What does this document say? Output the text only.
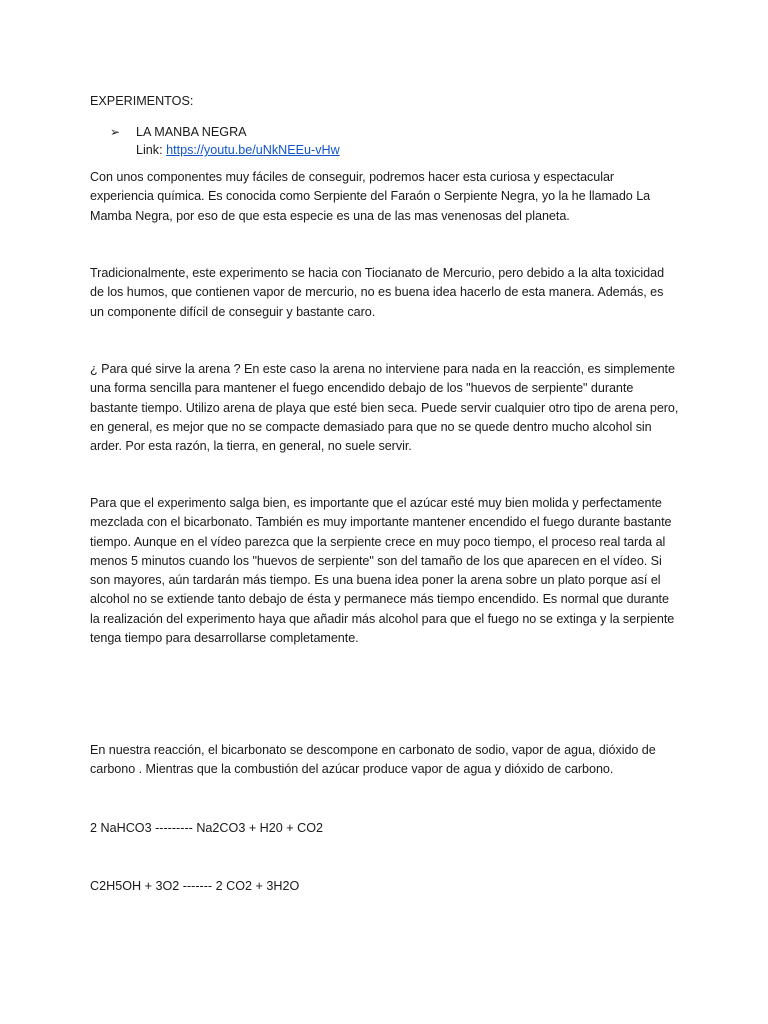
EXPERIMENTOS:

➢ LA MANBA NEGRA
Link: https://youtu.be/uNkNEEu-vHw

Con unos componentes muy fáciles de conseguir, podremos hacer esta curiosa y espectacular experiencia química. Es conocida como Serpiente del Faraón o Serpiente Negra, yo la he llamado La Mamba Negra, por eso de que esta especie es una de las mas venenosas del planeta.

Tradicionalmente, este experimento se hacia con Tiocianato de Mercurio, pero debido a la alta toxicidad de los humos, que contienen vapor de mercurio, no es buena idea hacerlo de esta manera. Además, es un componente difícil de conseguir y bastante caro.

¿ Para qué sirve la arena ? En este caso la arena no interviene para nada en la reacción, es simplemente una forma sencilla para mantener el fuego encendido debajo de los "huevos de serpiente" durante bastante tiempo. Utilizo arena de playa que esté bien seca. Puede servir cualquier otro tipo de arena pero, en general, es mejor que no se compacte demasiado para que no se quede dentro mucho alcohol sin arder. Por esta razón, la tierra, en general, no suele servir.

Para que el experimento salga bien, es importante que el azúcar esté muy bien molida y perfectamente mezclada con el bicarbonato. También es muy importante mantener encendido el fuego durante bastante tiempo. Aunque en el vídeo parezca que la serpiente crece en muy poco tiempo, el proceso real tarda al menos 5 minutos cuando los "huevos de serpiente" son del tamaño de los que aparecen en el vídeo. Si son mayores, aún tardarán más tiempo. Es una buena idea poner la arena sobre un plato porque así el alcohol no se extiende tanto debajo de ésta y permanece más tiempo encendido. Es normal que durante la realización del experimento haya que añadir más alcohol para que el fuego no se extinga y la serpiente tenga tiempo para desarrollarse completamente.

En nuestra reacción, el bicarbonato se descompone en carbonato de sodio, vapor de agua, dióxido de carbono . Mientras que la combustión del azúcar produce vapor de agua y dióxido de carbono.

2 NaHCO3 --------- Na2CO3 + H20 + CO2

C2H5OH + 3O2 ------- 2 CO2 + 3H2O
